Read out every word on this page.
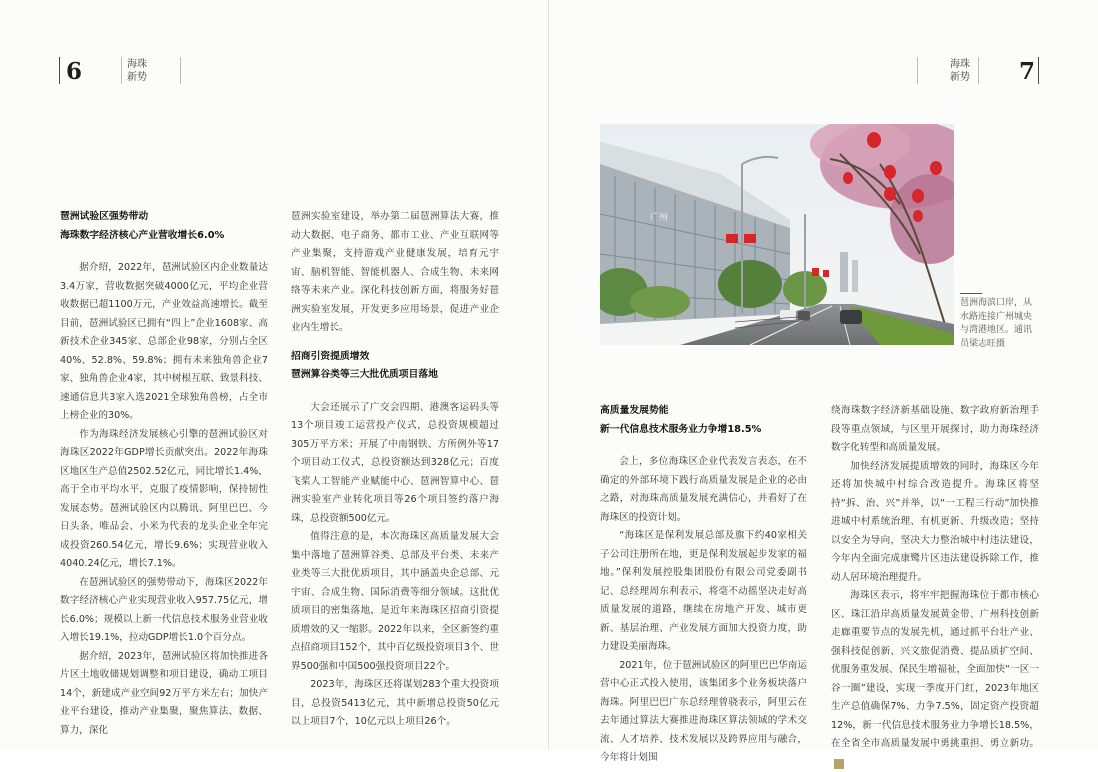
6	海珠
新势
海珠
新势	7

琶洲试验区强势带动

海珠数字经济核心产业营收增长6.0%

据介绍，2022年，琶洲试验区内企业数量达3.4万家，营收数据突破4000亿元，平均企业营收数据已超1100万元，产业效益高速增长。截至目前，琶洲试验区已拥有“四上”企业1608家、高新技术企业345家、总部企业98家，分别占全区40%、52.8%、59.8%；拥有未来独角兽企业7家、独角兽企业4家，其中树根互联、致景科技、速通信息共3家入选2021全球独角兽榜，占全市上榜企业的30%。

作为海珠经济发展核心引擎的琶洲试验区对海珠区2022年GDP增长贡献突出。2022年海珠区地区生产总值2502.52亿元，同比增长1.4%，高于全市平均水平，克服了疫情影响，保持韧性发展态势。琶洲试验区内以腾讯、阿里巴巴、今日头条、唯品会、小米为代表的龙头企业全年完成投资260.54亿元，增长9.6%；实现营业收入4040.24亿元，增长7.1%。

在琶洲试验区的强势带动下，海珠区2022年数字经济核心产业实现营业收入957.75亿元，增长6.0%；规模以上新一代信息技术服务业营业收入增长19.1%，拉动GDP增长1.0个百分点。

据介绍，2023年，琶洲试验区将加快推进各片区土地收储规划调整和项目建设，确动工项目14个，新建成产业空间92万平方米左右；加快产业平台建设，推动产业集聚，聚焦算法、数据、算力，深化

琶洲实验室建设，举办第二届琶洲算法大赛，推动大数据、电子商务、都市工业、产业互联网等产业集聚，支持游戏产业健康发展，培育元宇宙、脑机智能、智能机器人、合成生物、未来网络等未来产业。深化科技创新方面，将服务好琶洲实验室发展，开发更多应用场景，促进产业企业内生增长。

招商引资提质增效

琶洲算谷类等三大批优质项目落地

大会还展示了广交会四期、港澳客运码头等13个项目竣工运营投产仪式，总投资规模超过305万平方米；开展了中南钢铁、方所例外等17个项目动工仪式，总投资额达到328亿元；百度飞桨人工智能产业赋能中心、琶洲智算中心、琶洲实验室产业转化项目等26个项目签约落户海珠，总投资额500亿元。

值得注意的是，本次海珠区高质量发展大会集中落地了琶洲算谷类、总部及平台类、未来产业类等三大批优质项目，其中涵盖央企总部、元宇宙、合成生物、国际消费等细分领域。这批优质项目的密集落地，是近年来海珠区招商引资提质增效的又一缩影。2022年以来，全区新签约重点招商项目152个，其中百亿级投资项目3个、世界500强和中国500强投资项目22个。

2023年，海珠区还将谋划283个重大投资项目，总投资5413亿元，其中新增总投资50亿元以上项目7个，10亿元以上项目26个。

广州
琶洲海滨口岸，从水路连接广州城央与湾港地区。通讯员梁志旺摄

高质量发展势能

新一代信息技术服务业力争增18.5%

会上，多位海珠区企业代表发言表态，在不确定的外部环境下践行高质量发展是企业的必由之路，对海珠高质量发展充满信心，并看好了在海珠区的投资计划。

“海珠区是保利发展总部及旗下约40家相关子公司注册所在地，更是保利发展起步发家的福地。”保利发展控股集团股份有限公司党委副书记、总经理周东利表示，将毫不动摇坚决走好高质量发展的道路，继续在房地产开发、城市更新、基层治理、产业发展方面加大投资力度，助力建设美丽海珠。

2021年，位于琶洲试验区的阿里巴巴华南运营中心正式投入使用，该集团多个业务板块落户海珠。阿里巴巴广东总经理曾骁表示，阿里云在去年通过算法大赛推进海珠区算法领域的学术交流、人才培养、技术发展以及跨界应用与融合，今年将计划围

绕海珠数字经济新基础设施、数字政府新治理手段等重点领域，与区里开展探讨，助力海珠经济数字化转型和高质量发展。

加快经济发展提质增效的同时，海珠区今年还将加快城中村综合改造提升。海珠区将坚持“拆、治、兴”并举，以“一工程三行动”加快推进城中村系统治理、有机更新、升级改造；坚持以安全为导向，坚决大力整治城中村违法建设，今年内全面完成康鹭片区违法建设拆除工作，推动人居环境治理提升。

海珠区表示，将牢牢把握海珠位于都市核心区、珠江沿岸高质量发展黄金带、广州科技创新走廊重要节点的发展先机，通过抓平台壮产业、强科技促创新、兴文旅促消费、提品质扩空间、优服务重发展、保民生增福祉，全面加快“一区一谷一圈”建设，实现一季度开门红，2023年地区生产总值确保7%、力争7.5%，固定资产投资超12%，新一代信息技术服务业力争增长18.5%，在全省全市高质量发展中勇挑重担、勇立新功。珠
